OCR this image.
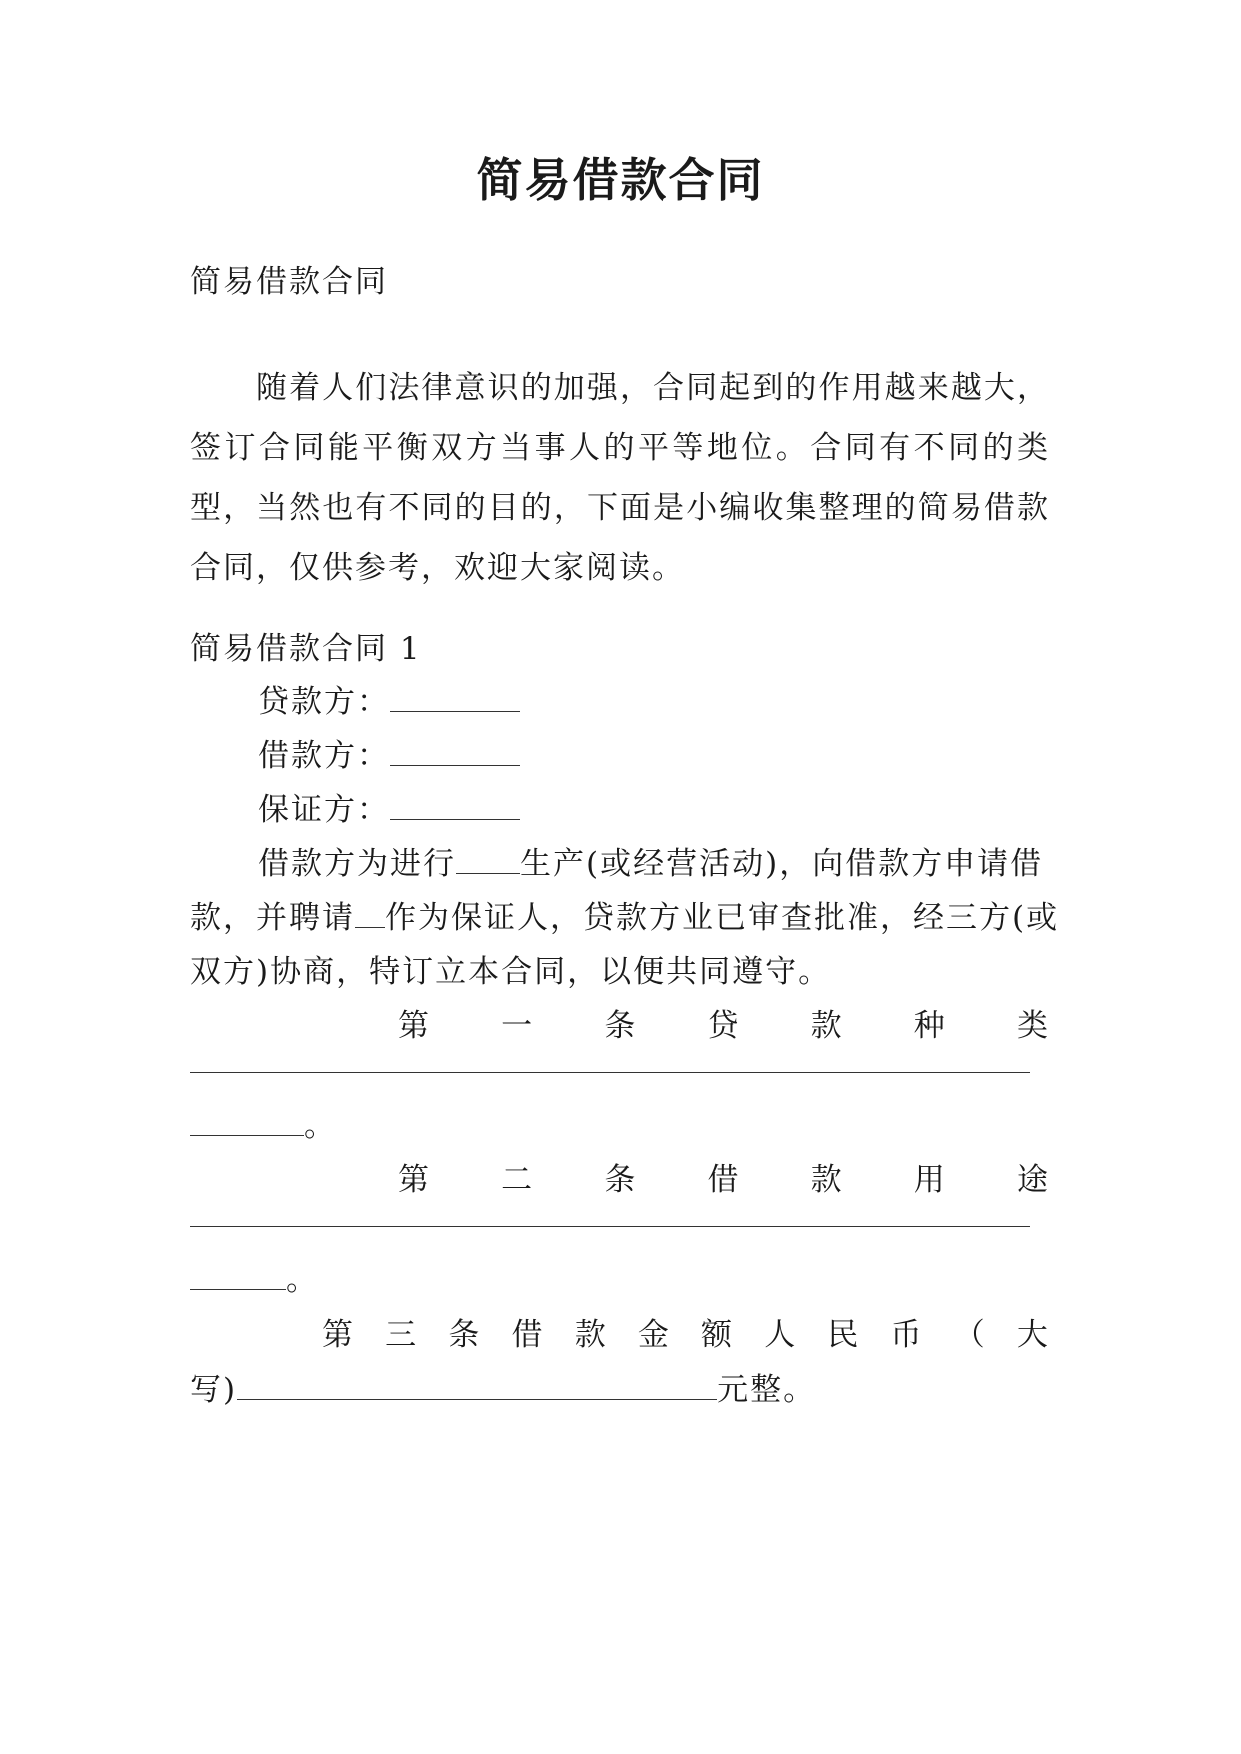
简易借款合同

简易借款合同

随着人们法律意识的加强，合同起到的作用越来越大，签订合同能平衡双方当事人的平等地位。合同有不同的类型，当然也有不同的目的，下面是小编收集整理的简易借款合同，仅供参考，欢迎大家阅读。

简易借款合同 1

贷款方：
借款方：
保证方：
借款方为进行 生产(或经营活动)，向借款方申请借
款，并聘请 作为保证人，贷款方业已审查批准，经三方(或
双方)协商，特订立本合同，以便共同遵守。
第 一 条 贷 款 种 类
。
第 二 条 借 款 用 途
。
第 三 条 借 款 金 额 人 民 币 （ 大
写)	元整。
